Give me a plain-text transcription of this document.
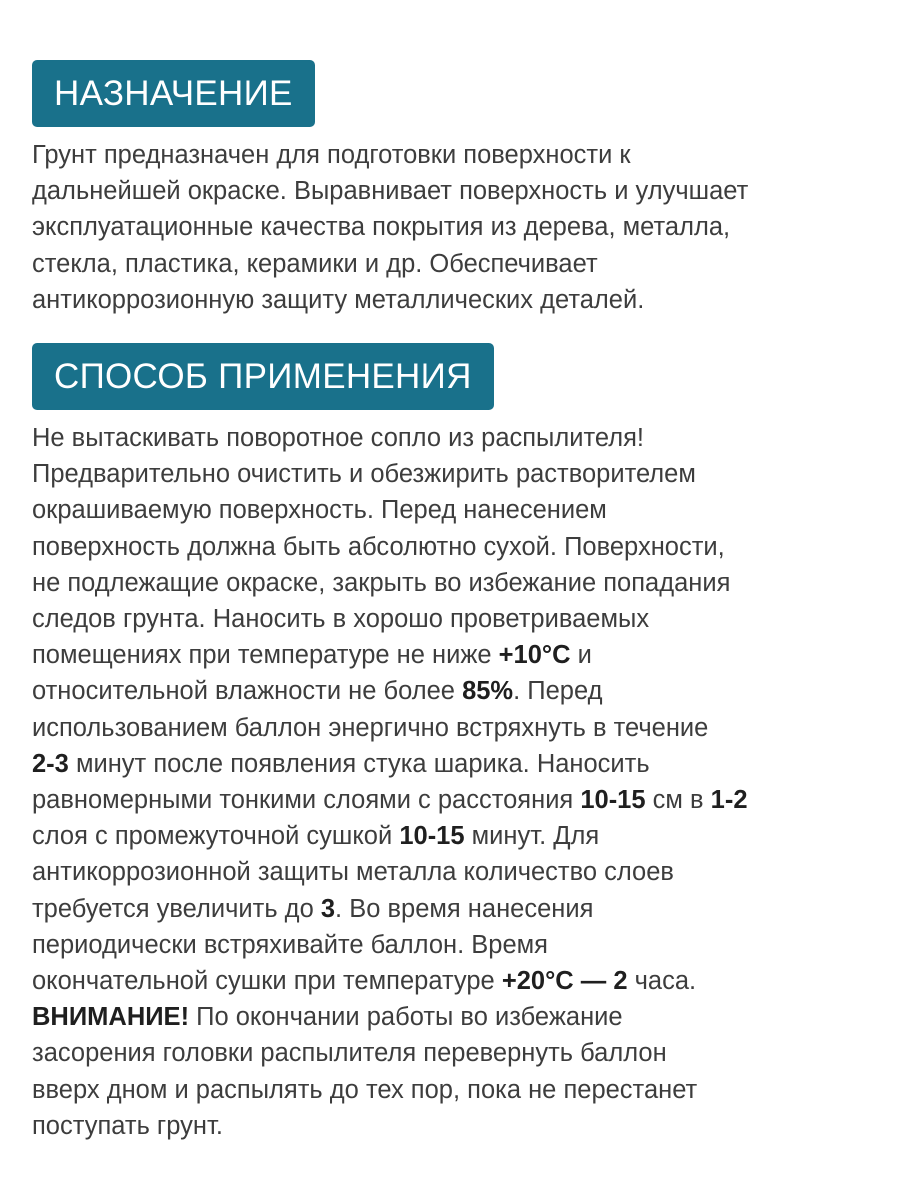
НАЗНАЧЕНИЕ
Грунт предназначен для подготовки поверхности к
дальнейшей окраске. Выравнивает поверхность и улучшает
эксплуатационные качества покрытия из дерева, металла,
стекла, пластика, керамики и др. Обеспечивает
антикоррозионную защиту металлических деталей.
СПОСОБ ПРИМЕНЕНИЯ
Не вытаскивать поворотное сопло из распылителя!
Предварительно очистить и обезжирить растворителем
окрашиваемую поверхность. Перед нанесением
поверхность должна быть абсолютно сухой. Поверхности,
не подлежащие окраске, закрыть во избежание попадания
следов грунта. Наносить в хорошо проветриваемых
помещениях при температуре не ниже +10°C и
относительной влажности не более 85%. Перед
использованием баллон энергично встряхнуть в течение
2-3 минут после появления стука шарика. Наносить
равномерными тонкими слоями с расстояния 10-15 см в 1-2
слоя с промежуточной сушкой 10-15 минут. Для
антикоррозионной защиты металла количество слоев
требуется увеличить до 3. Во время нанесения
периодически встряхивайте баллон. Время
окончательной сушки при температуре +20°C — 2 часа.
ВНИМАНИЕ! По окончании работы во избежание
засорения головки распылителя перевернуть баллон
вверх дном и распылять до тех пор, пока не перестанет
поступать грунт.
